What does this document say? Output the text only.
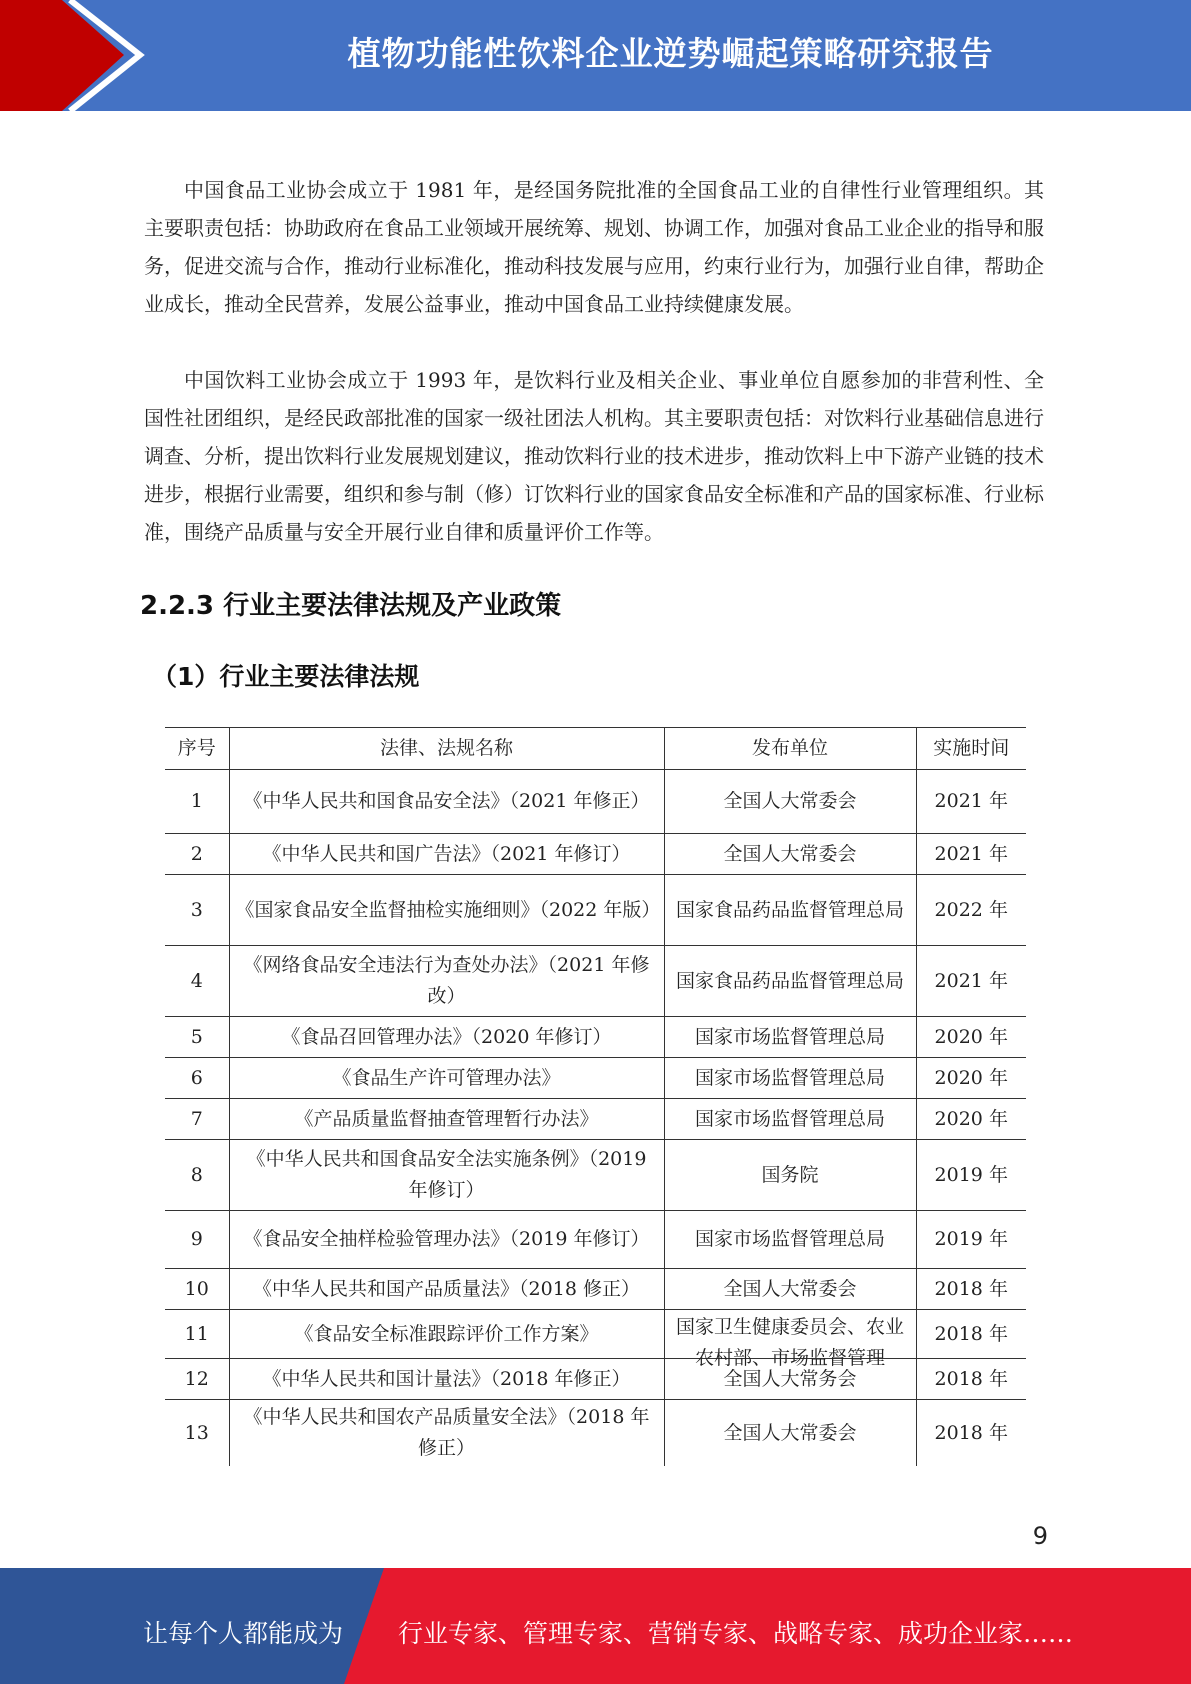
植物功能性饮料企业逆势崛起策略研究报告

中国食品工业协会成立于 1981 年，是经国务院批准的全国食品工业的自律性行业管理组织。其主要职责包括：协助政府在食品工业领域开展统筹、规划、协调工作，加强对食品工业企业的指导和服务，促进交流与合作，推动行业标准化，推动科技发展与应用，约束行业行为，加强行业自律，帮助企业成长，推动全民营养，发展公益事业，推动中国食品工业持续健康发展。

中国饮料工业协会成立于 1993 年，是饮料行业及相关企业、事业单位自愿参加的非营利性、全国性社团组织，是经民政部批准的国家一级社团法人机构。其主要职责包括：对饮料行业基础信息进行调查、分析，提出饮料行业发展规划建议，推动饮料行业的技术进步，推动饮料上中下游产业链的技术进步，根据行业需要，组织和参与制（修）订饮料行业的国家食品安全标准和产品的国家标准、行业标准，围绕产品质量与安全开展行业自律和质量评价工作等。

2.2.3 行业主要法律法规及产业政策
（1）行业主要法律法规
序号	法律、法规名称	发布单位	实施时间
1	《中华人民共和国食品安全法》（2021 年修正）	全国人大常委会	2021 年
2	《中华人民共和国广告法》（2021 年修订）	全国人大常委会	2021 年
3	《国家食品安全监督抽检实施细则》（2022 年版）	国家食品药品监督管理总局	2022 年
4	《网络食品安全违法行为查处办法》（2021 年修改）	国家食品药品监督管理总局	2021 年
5	《食品召回管理办法》（2020 年修订）	国家市场监督管理总局	2020 年
6	《食品生产许可管理办法》	国家市场监督管理总局	2020 年
7	《产品质量监督抽查管理暂行办法》	国家市场监督管理总局	2020 年
8	《中华人民共和国食品安全法实施条例》（2019 年修订）	国务院	2019 年
9	《食品安全抽样检验管理办法》（2019 年修订）	国家市场监督管理总局	2019 年
10	《中华人民共和国产品质量法》（2018 修正）	全国人大常委会	2018 年
11	《食品安全标准跟踪评价工作方案》	国家卫生健康委员会、农业农村部、市场监督管理	2018 年
12	《中华人民共和国计量法》（2018 年修正）	全国人大常务会	2018 年
13	《中华人民共和国农产品质量安全法》（2018 年修正）	全国人大常委会	2018 年
9
让每个人都能成为 行业专家、管理专家、营销专家、战略专家、成功企业家……
